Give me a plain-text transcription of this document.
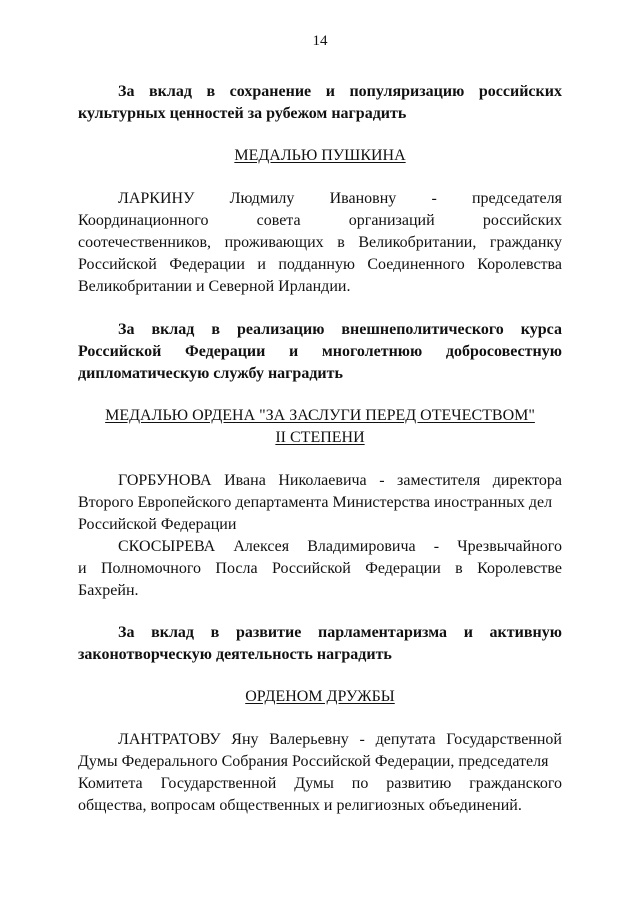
14
За вклад в сохранение и популяризацию российских
культурных ценностей за рубежом наградить
МЕДАЛЬЮ ПУШКИНА
ЛАРКИНУ Людмилу Ивановну - председателя
Координационного	совета	организаций	российских
соотечественников, проживающих в Великобритании, гражданку
Российской Федерации и подданную Соединенного Королевства
Великобритании и Северной Ирландии.
За вклад в реализацию внешнеполитического курса
Российской Федерации и многолетнюю добросовестную
дипломатическую службу наградить
МЕДАЛЬЮ ОРДЕНА "ЗА ЗАСЛУГИ ПЕРЕД ОТЕЧЕСТВОМ"
II СТЕПЕНИ
ГОРБУНОВА Ивана Николаевича - заместителя директора
Второго Европейского департамента Министерства иностранных дел
Российской Федерации
СКОСЫРЕВА Алексея Владимировича - Чрезвычайного
и Полномочного Посла Российской Федерации в Королевстве
Бахрейн.
За вклад в развитие парламентаризма и активную
законотворческую деятельность наградить
ОРДЕНОМ ДРУЖБЫ
ЛАНТРАТОВУ Яну Валерьевну - депутата Государственной
Думы Федерального Собрания Российской Федерации, председателя
Комитета Государственной Думы по развитию гражданского
общества, вопросам общественных и религиозных объединений.
